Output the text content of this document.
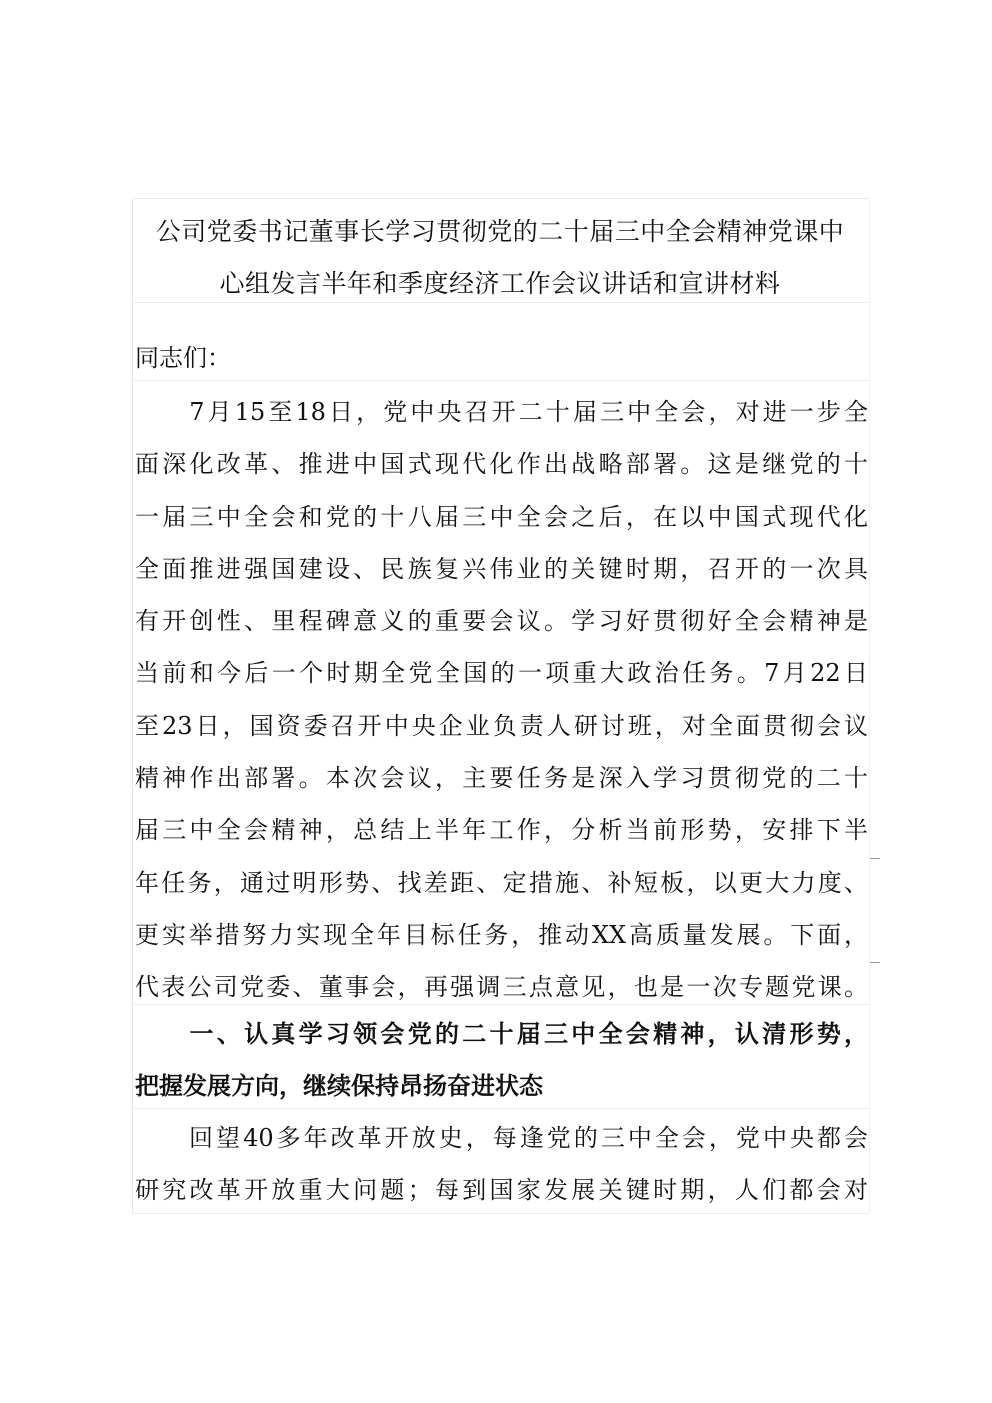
公司党委书记董事长学习贯彻党的二十届三中全会精神党课中
心组发言半年和季度经济工作会议讲话和宣讲材料
同志们：
　　7月15至18日，党中央召开二十届三中全会，对进一步全
面深化改革、推进中国式现代化作出战略部署。这是继党的十
一届三中全会和党的十八届三中全会之后，在以中国式现代化
全面推进强国建设、民族复兴伟业的关键时期，召开的一次具
有开创性、里程碑意义的重要会议。学习好贯彻好全会精神是
当前和今后一个时期全党全国的一项重大政治任务。7月22日
至23日，国资委召开中央企业负责人研讨班，对全面贯彻会议
精神作出部署。本次会议，主要任务是深入学习贯彻党的二十
届三中全会精神，总结上半年工作，分析当前形势，安排下半
年任务，通过明形势、找差距、定措施、补短板，以更大力度、
更实举措努力实现全年目标任务，推动XX高质量发展。下面，
代表公司党委、董事会，再强调三点意见，也是一次专题党课。
　　一、认真学习领会党的二十届三中全会精神，认清形势，
把握发展方向，继续保持昂扬奋进状态
　　回望40多年改革开放史，每逢党的三中全会，党中央都会
研究改革开放重大问题；每到国家发展关键时期，人们都会对
